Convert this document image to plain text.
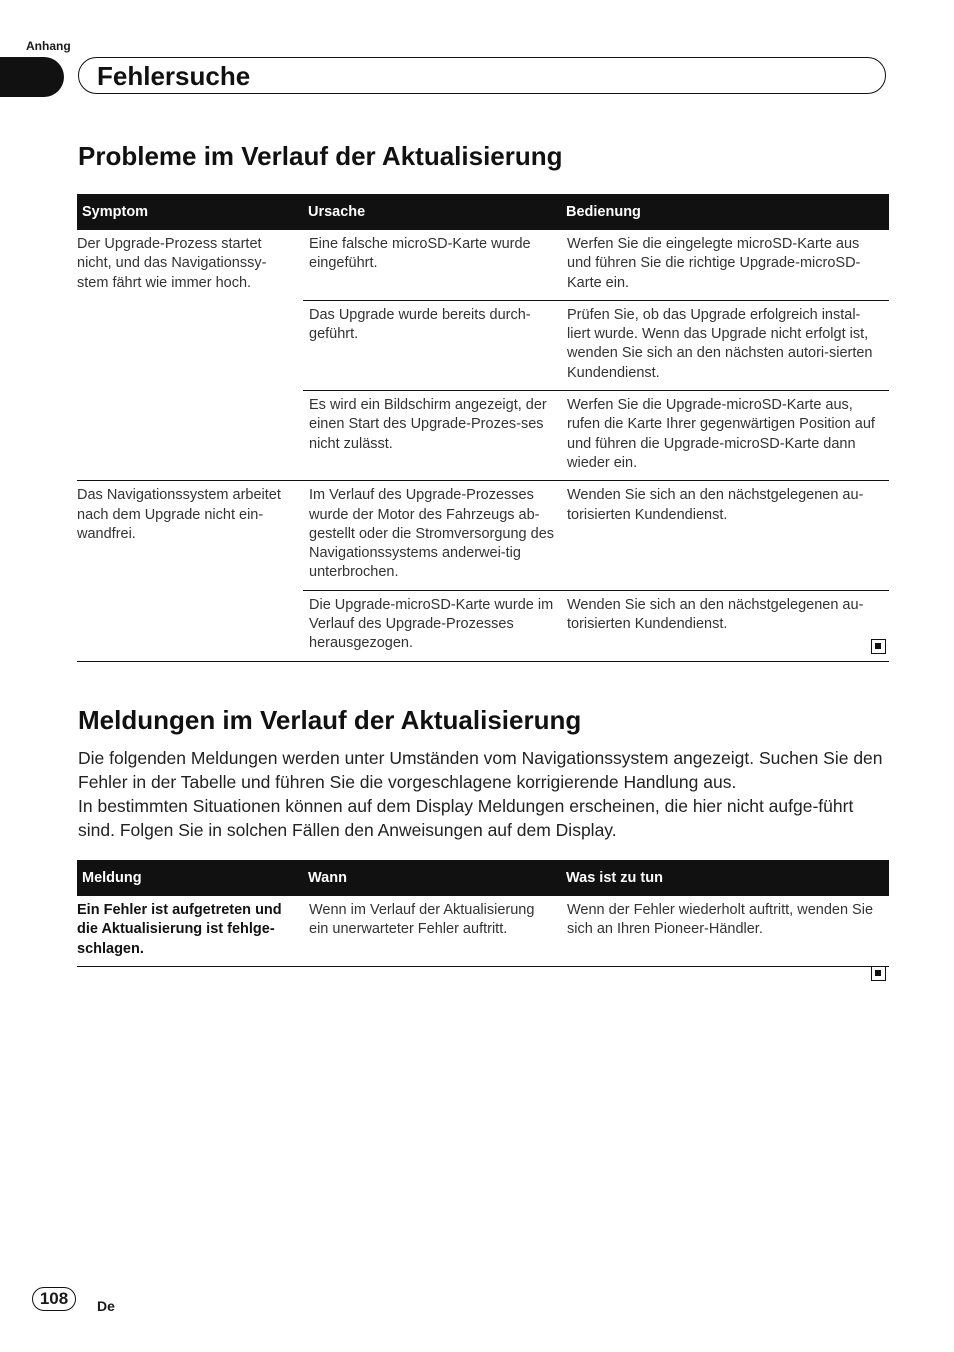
Anhang
Fehlersuche
Probleme im Verlauf der Aktualisierung
Symptom	Ursache	Bedienung
Der Upgrade-Prozess startet nicht, und das Navigationssy-stem fährt wie immer hoch.	Eine falsche microSD-Karte wurde eingeführt.	Werfen Sie die eingelegte microSD-Karte aus und führen Sie die richtige Upgrade-microSD-Karte ein.
	Das Upgrade wurde bereits durch-geführt.	Prüfen Sie, ob das Upgrade erfolgreich instal-liert wurde. Wenn das Upgrade nicht erfolgt ist, wenden Sie sich an den nächsten autori-sierten Kundendienst.
	Es wird ein Bildschirm angezeigt, der einen Start des Upgrade-Prozes-ses nicht zulässt.	Werfen Sie die Upgrade-microSD-Karte aus, rufen die Karte Ihrer gegenwärtigen Position auf und führen die Upgrade-microSD-Karte dann wieder ein.
Das Navigationssystem arbeitet nach dem Upgrade nicht ein-wandfrei.	Im Verlauf des Upgrade-Prozesses wurde der Motor des Fahrzeugs ab-gestellt oder die Stromversorgung des Navigationssystems anderwei-tig unterbrochen.	Wenden Sie sich an den nächstgelegenen au-torisierten Kundendienst.
	Die Upgrade-microSD-Karte wurde im Verlauf des Upgrade-Prozesses herausgezogen.	Wenden Sie sich an den nächstgelegenen au-torisierten Kundendienst.
Meldungen im Verlauf der Aktualisierung

Die folgenden Meldungen werden unter Umständen vom Navigationssystem angezeigt. Suchen Sie den Fehler in der Tabelle und führen Sie die vorgeschlagene korrigierende Handlung aus.

In bestimmten Situationen können auf dem Display Meldungen erscheinen, die hier nicht aufge-führt sind. Folgen Sie in solchen Fällen den Anweisungen auf dem Display.

Meldung	Wann	Was ist zu tun
Ein Fehler ist aufgetreten und die Aktualisierung ist fehlge-schlagen.	Wenn im Verlauf der Aktualisierung ein unerwarteter Fehler auftritt.	Wenn der Fehler wiederholt auftritt, wenden Sie sich an Ihren Pioneer-Händler.
108	De
